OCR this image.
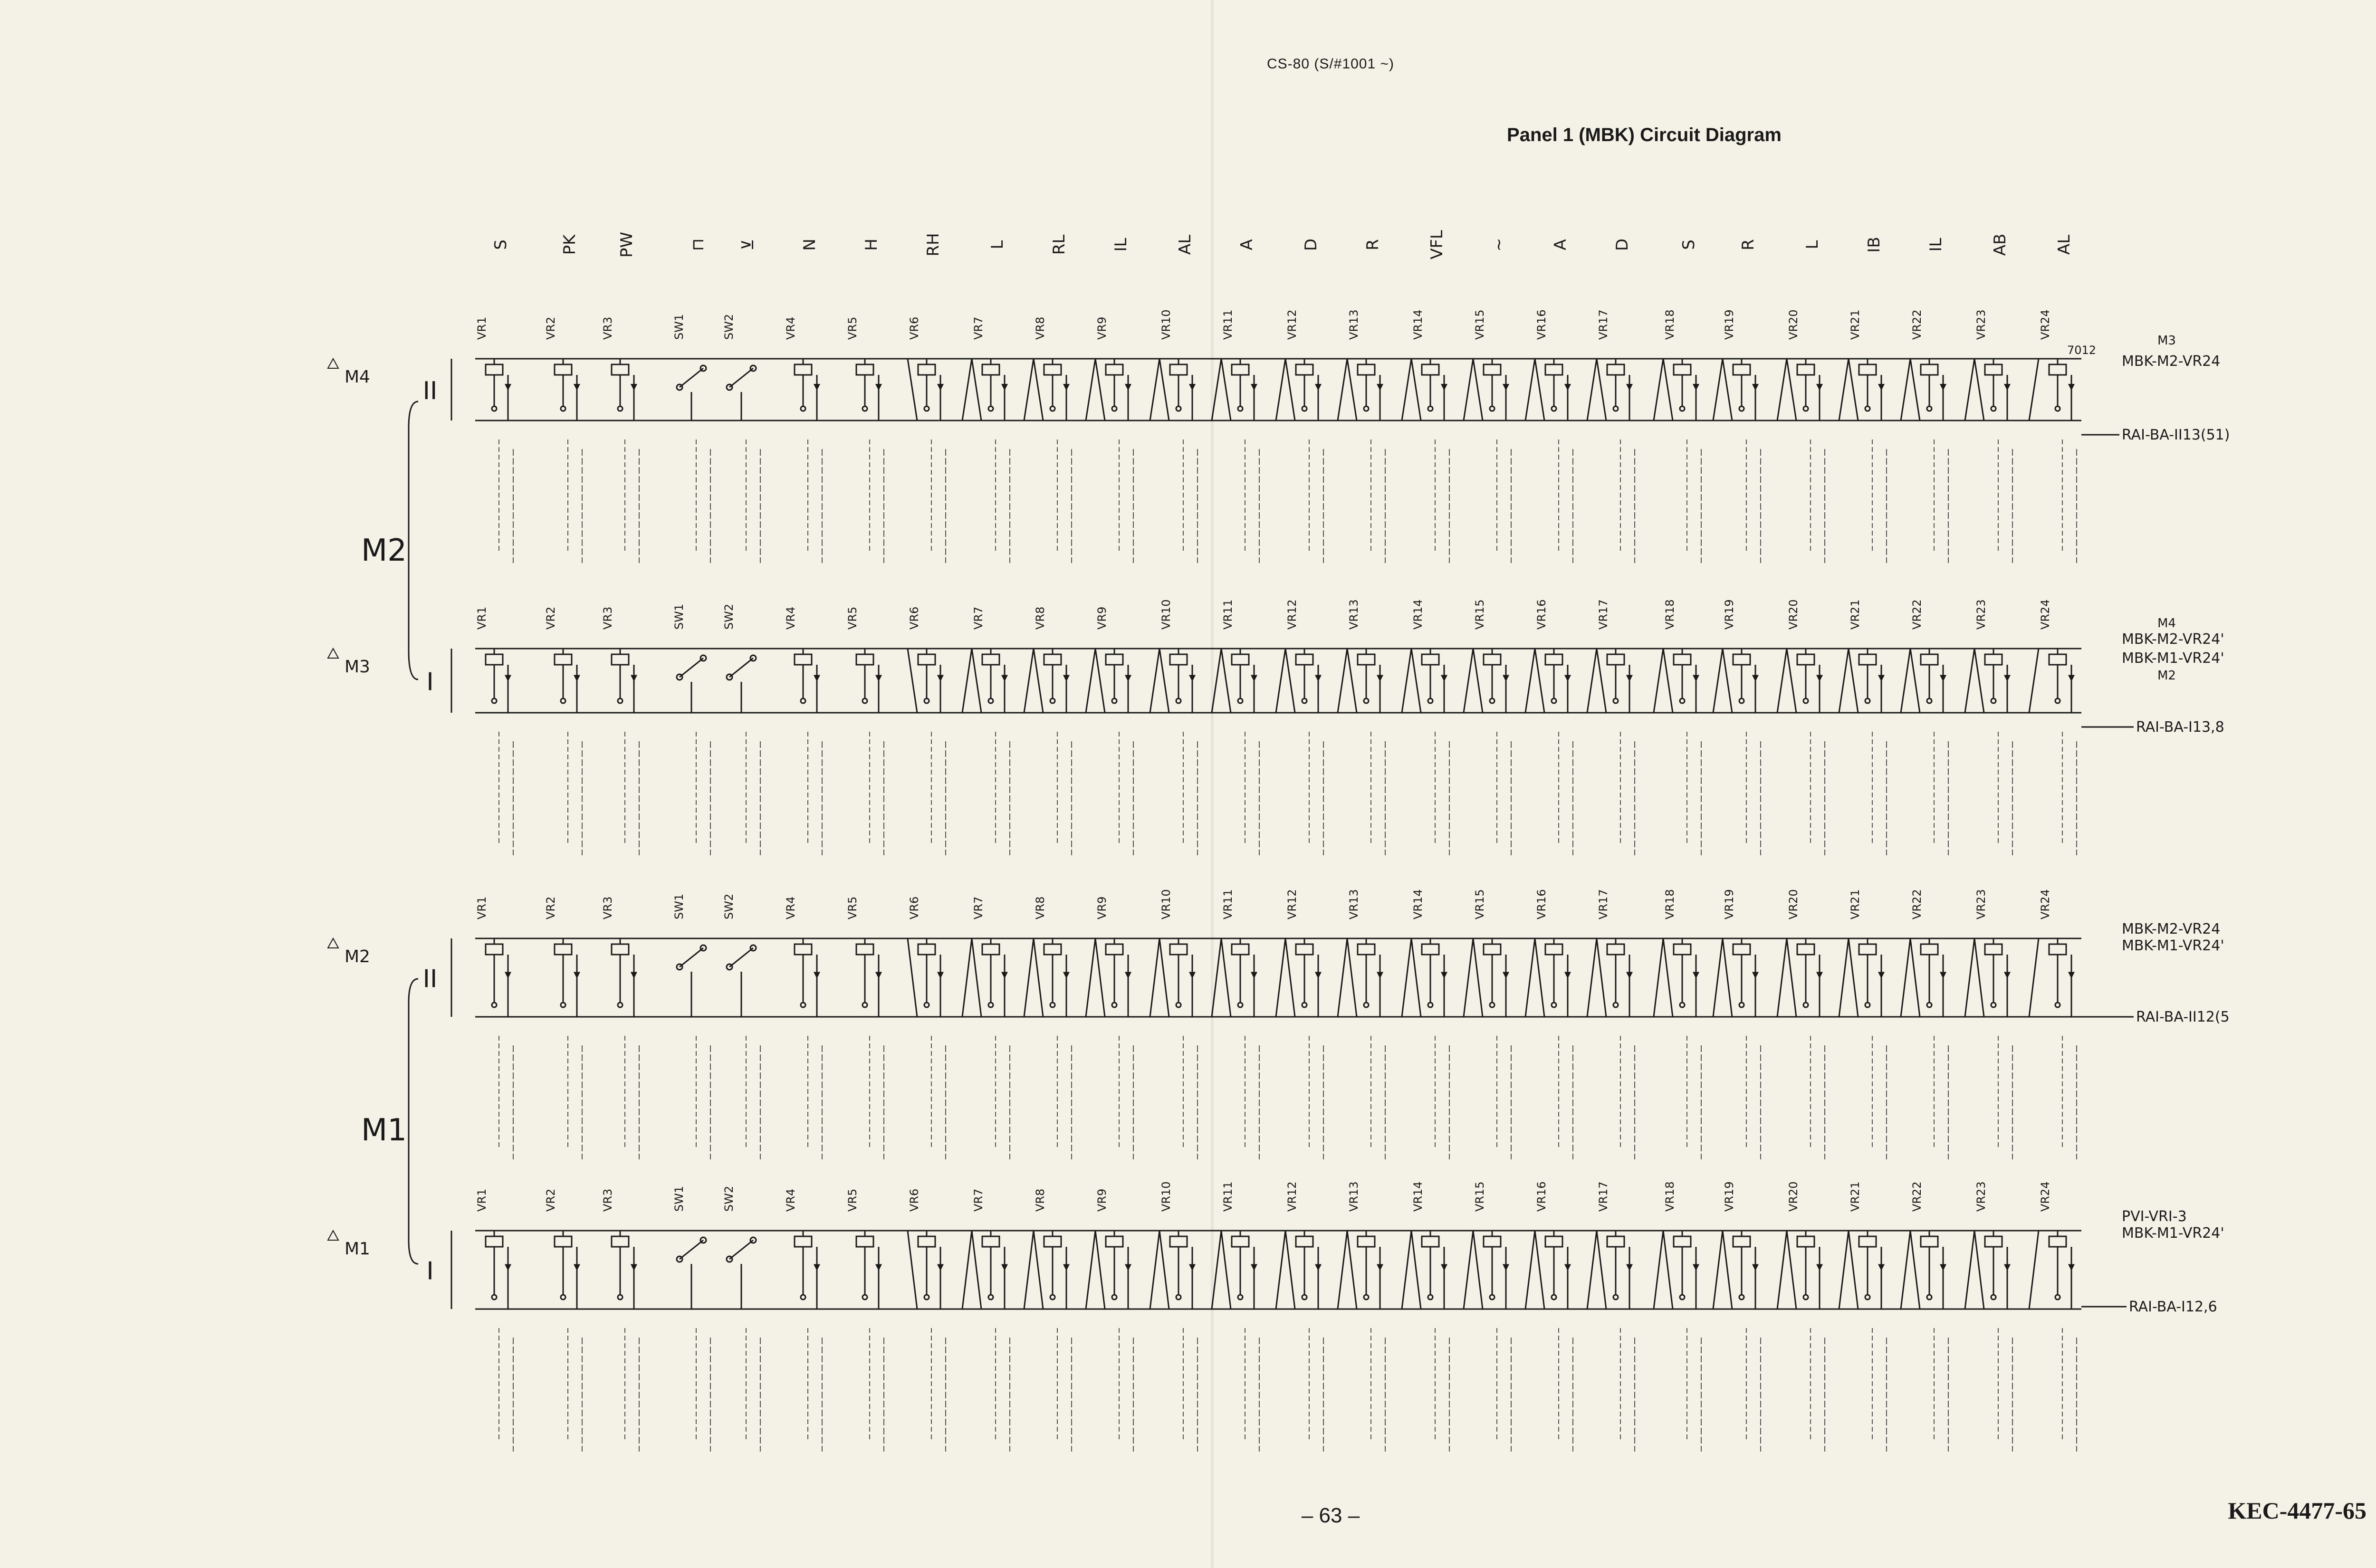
CS-80 (S/#1001 ~)
Panel 1 (MBK) Circuit Diagram
S	PK PW	⊓ ⊻	N	H	RH	L	RL	IL	AL	A	D	R	VFL	~	A	D	S	R	L	IB	IL	AB	AL
VR1	VR2	VR3	SW1	SW2	VR4	VR5	VR6	VR7	VR8	VR9	VR10	VR11	VR12	VR13	VR14	VR15	VR16	VR17	VR18	VR19	VR20	VR21	VR22	VR23	VR24
II
M4
VR1	VR2	VR3	SW1	SW2	VR4	VR5	VR6	VR7	VR8	VR9	VR10	VR11	VR12	VR13	VR14	VR15	VR16	VR17	VR18	VR19	VR20	VR21	VR22	VR23	VR24
I
M3
VR1	VR2	VR3	SW1	SW2	VR4	VR5	VR6	VR7	VR8	VR9	VR10	VR11	VR12	VR13	VR14	VR15	VR16	VR17	VR18	VR19	VR20	VR21	VR22	VR23	VR24
II
M2
VR1	VR2	VR3	SW1	SW2	VR4	VR5	VR6	VR7	VR8	VR9	VR10	VR11	VR12	VR13	VR14	VR15	VR16	VR17	VR18	VR19	VR20	VR21	VR22	VR23	VR24
I
M1
M2
M1
MBK-M2-VR24
RAI-BA-II13(51)
MBK-M2-VR24'
MBK-M1-VR24'
RAI-BA-I13,8
MBK-M2-VR24
MBK-M1-VR24'
RAI-BA-II12(5
PVI-VRI-3
MBK-M1-VR24'
RAI-BA-I12,6
7012
M3
M4
M2
– 63 –	KEC-4477-65
